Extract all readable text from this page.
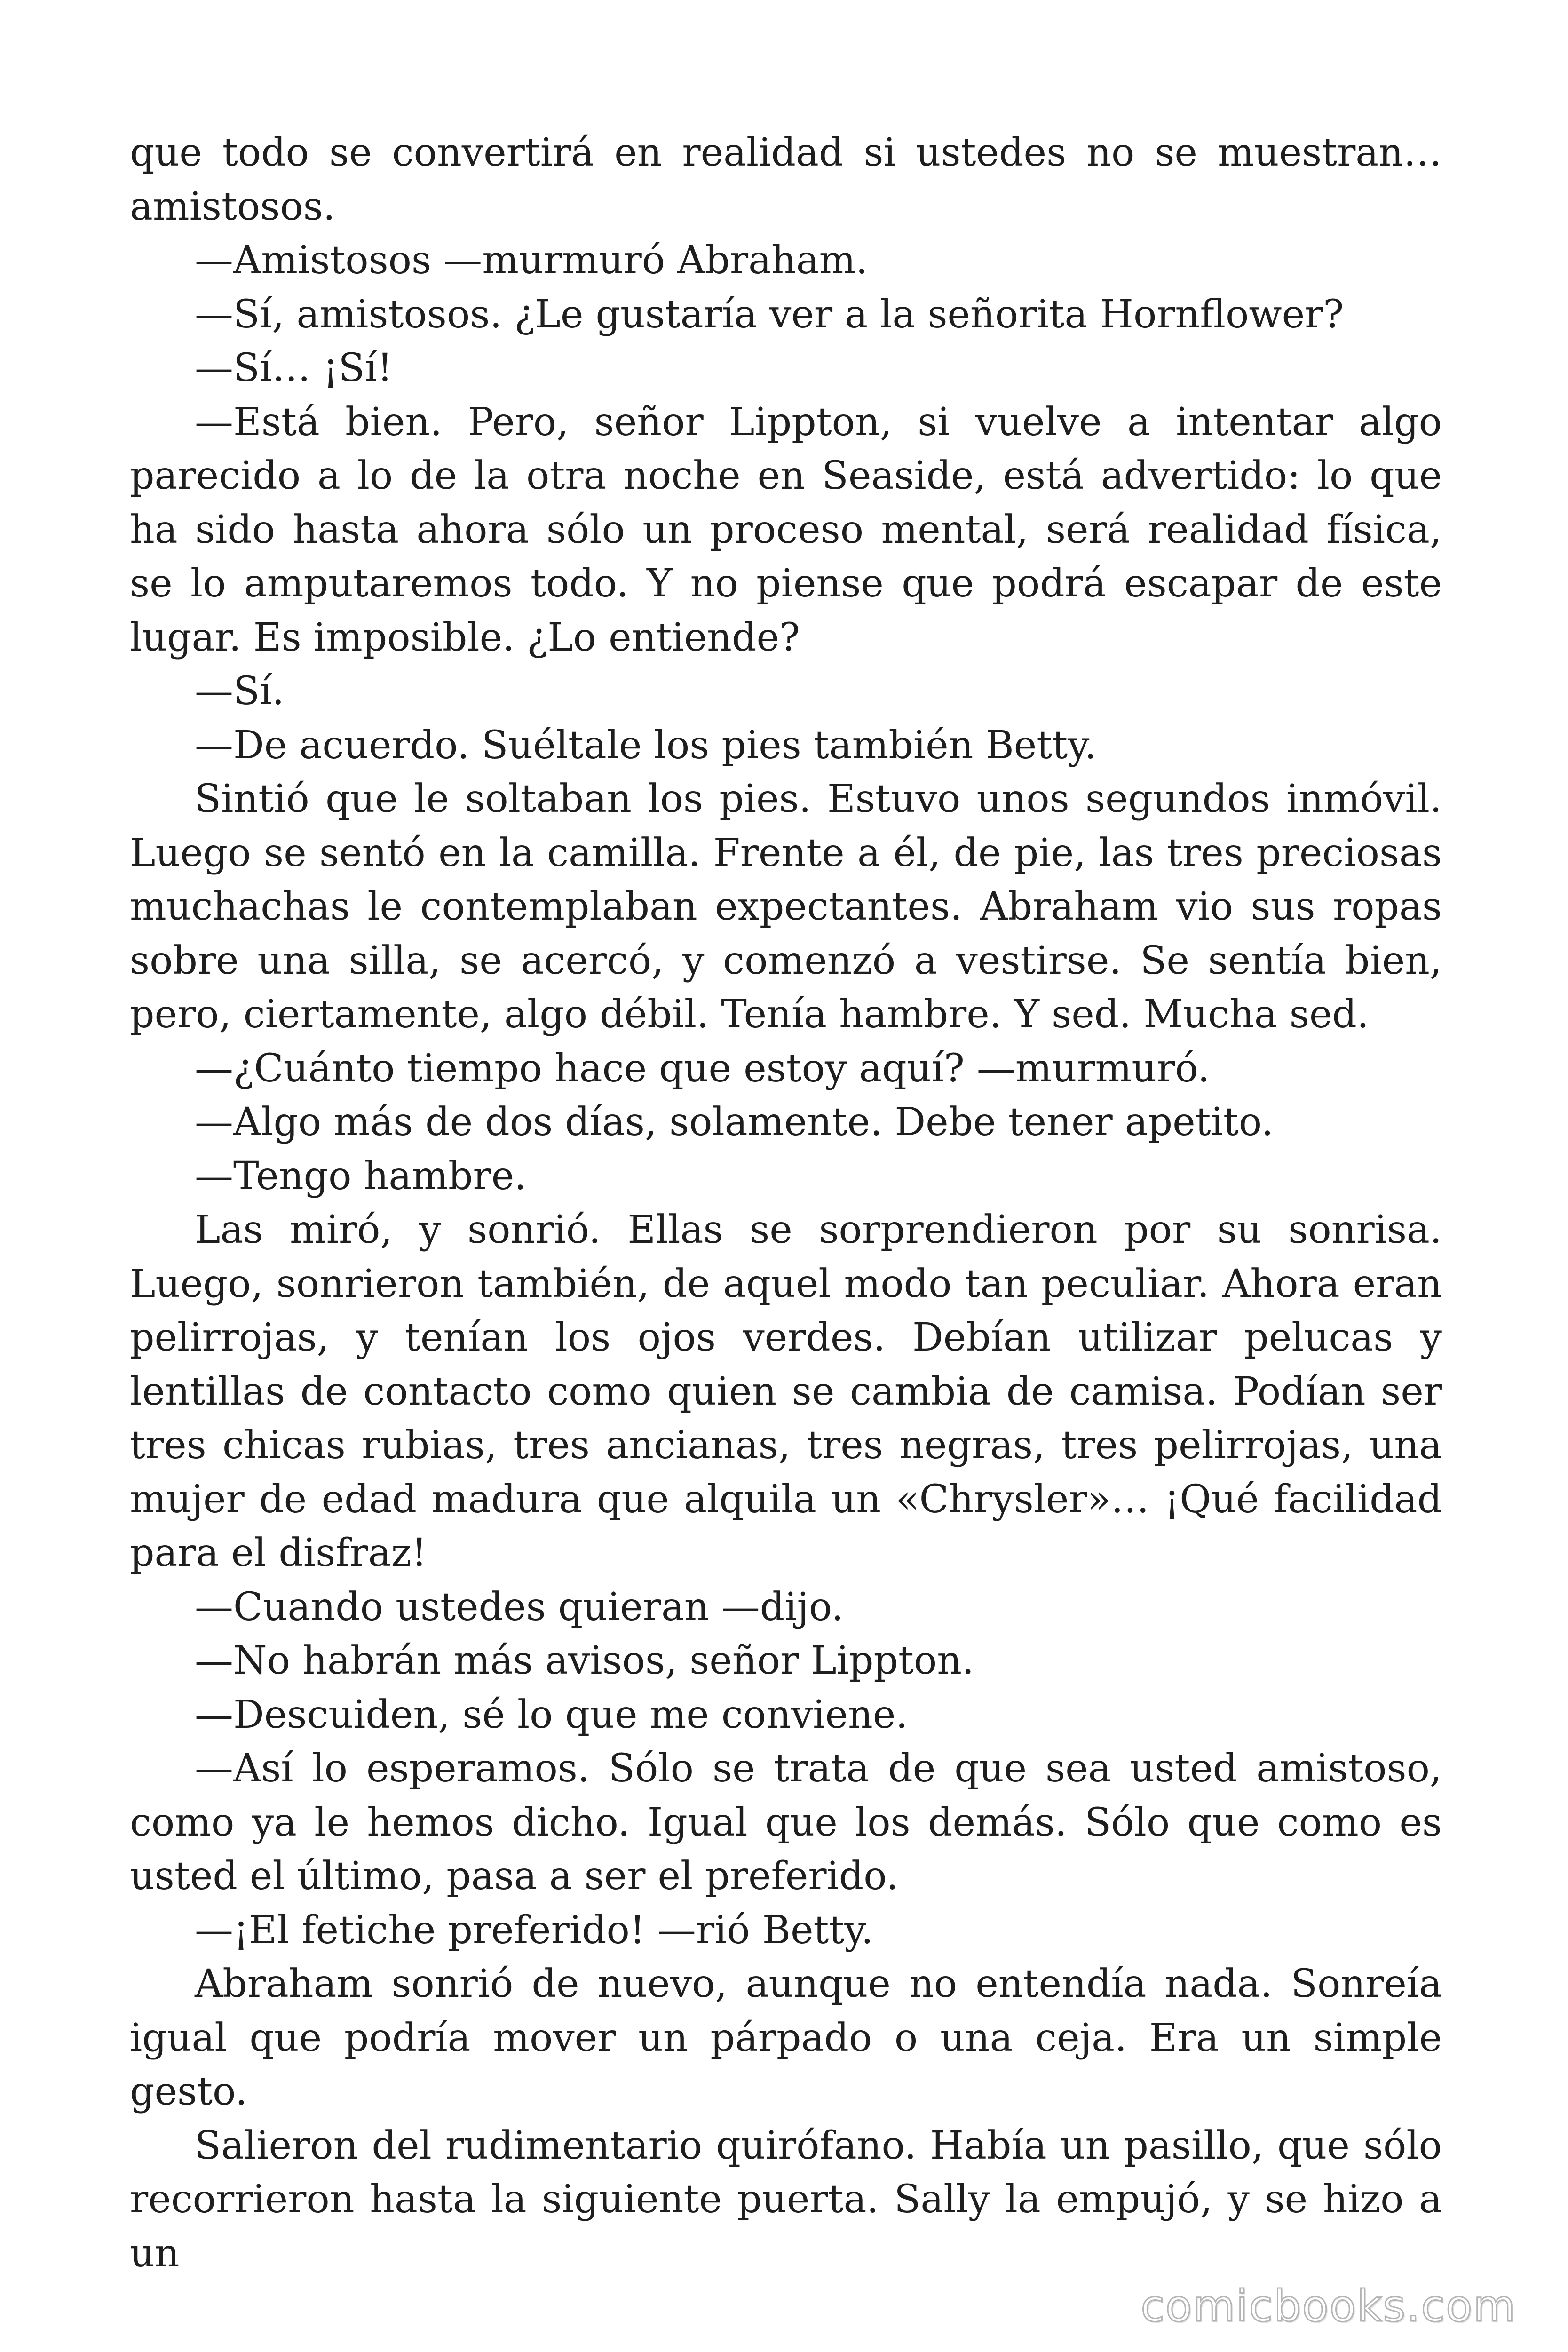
que todo se convertirá en realidad si ustedes no se muestran… amistosos.

—Amistosos —murmuró Abraham.

—Sí, amistosos. ¿Le gustaría ver a la señorita Hornflower?

—Sí… ¡Sí!

—Está bien. Pero, señor Lippton, si vuelve a intentar algo parecido a lo de la otra noche en Seaside, está advertido: lo que ha sido hasta ahora sólo un proceso mental, será realidad física, se lo amputaremos todo. Y no piense que podrá escapar de este lugar. Es imposible. ¿Lo entiende?

—Sí.

—De acuerdo. Suéltale los pies también Betty.

Sintió que le soltaban los pies. Estuvo unos segundos inmóvil. Luego se sentó en la camilla. Frente a él, de pie, las tres preciosas muchachas le contemplaban expectantes. Abraham vio sus ropas sobre una silla, se acercó, y comenzó a vestirse. Se sentía bien, pero, ciertamente, algo débil. Tenía hambre. Y sed. Mucha sed.

—¿Cuánto tiempo hace que estoy aquí? —murmuró.

—Algo más de dos días, solamente. Debe tener apetito.

—Tengo hambre.

Las miró, y sonrió. Ellas se sorprendieron por su sonrisa. Luego, sonrieron también, de aquel modo tan peculiar. Ahora eran pelirrojas, y tenían los ojos verdes. Debían utilizar pelucas y lentillas de contacto como quien se cambia de camisa. Podían ser tres chicas rubias, tres ancianas, tres negras, tres pelirrojas, una mujer de edad madura que alquila un «Chrysler»… ¡Qué facilidad para el disfraz!

—Cuando ustedes quieran —dijo.

—No habrán más avisos, señor Lippton.

—Descuiden, sé lo que me conviene.

—Así lo esperamos. Sólo se trata de que sea usted amistoso, como ya le hemos dicho. Igual que los demás. Sólo que como es usted el último, pasa a ser el preferido.

—¡El fetiche preferido! —rió Betty.

Abraham sonrió de nuevo, aunque no entendía nada. Sonreía igual que podría mover un párpado o una ceja. Era un simple gesto.

Salieron del rudimentario quirófano. Había un pasillo, que sólo recorrieron hasta la siguiente puerta. Sally la empujó, y se hizo a un

comicbooks.com
